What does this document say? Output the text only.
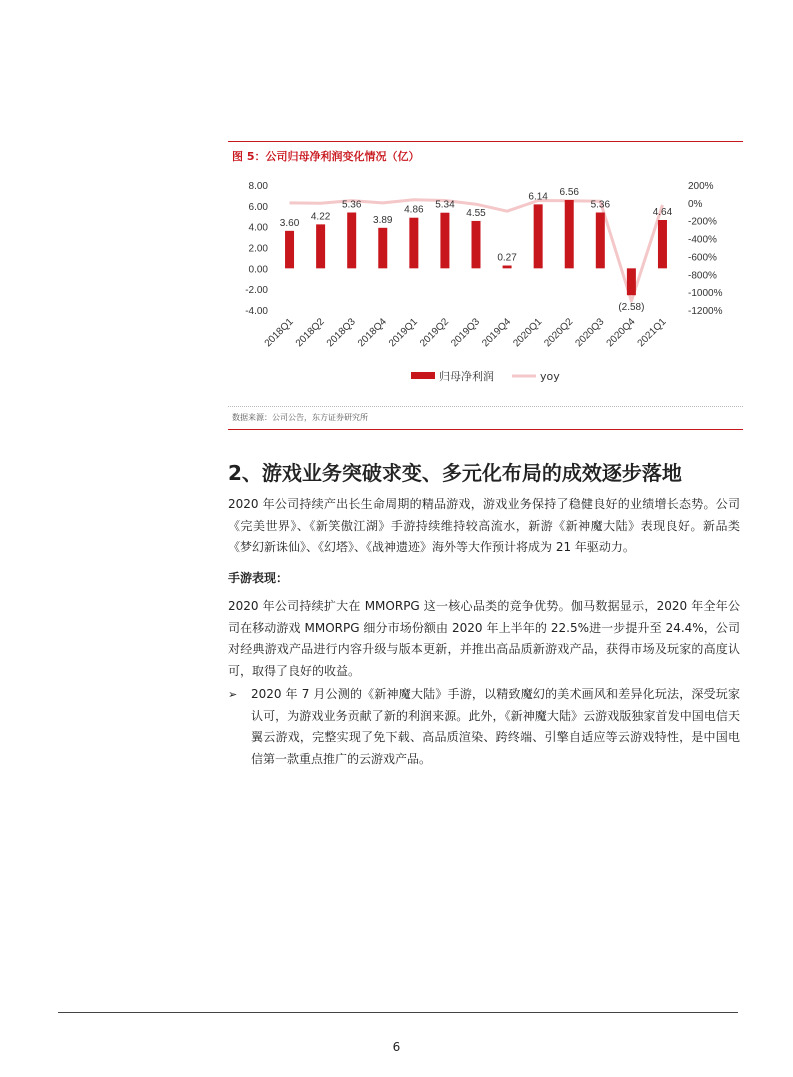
图 5：公司归母净利润变化情况（亿）
-4.00
-2.00
0.00
2.00
4.00
6.00
8.00
-1200%
-1000%
-800%
-600%
-400%
-200%
0%
200%
3.60
4.22
5.36
3.89
4.86 5.34
4.55
0.27
6.14 6.56
5.36
(2.58)
4.64
2018Q1
2018Q2
2018Q3
2018Q4
2019Q1
2019Q2
2019Q3
2019Q4
2020Q1
2020Q2
2020Q3
2020Q4
2021Q1
归母净利润	yoy
数据来源：公司公告，东方证券研究所
2、游戏业务突破求变、多元化布局的成效逐步落地
2020 年公司持续产出长生命周期的精品游戏，游戏业务保持了稳健良好的业绩增长态势。公司《完美世界》、《新笑傲江湖》手游持续维持较高流水，新游《新神魔大陆》表现良好。新品类《梦幻新诛仙》、《幻塔》、《战神遗迹》海外等大作预计将成为 21 年驱动力。
手游表现：
2020 年公司持续扩大在 MMORPG 这一核心品类的竞争优势。伽马数据显示，2020 年全年公司在移动游戏 MMORPG 细分市场份额由 2020 年上半年的 22.5%进一步提升至 24.4%，公司对经典游戏产品进行内容升级与版本更新，并推出高品质新游戏产品，获得市场及玩家的高度认可，取得了良好的收益。
➢ 2020 年 7 月公测的《新神魔大陆》手游，以精致魔幻的美术画风和差异化玩法，深受玩家认可，为游戏业务贡献了新的利润来源。此外，《新神魔大陆》云游戏版独家首发中国电信天翼云游戏，完整实现了免下载、高品质渲染、跨终端、引擎自适应等云游戏特性，是中国电信第一款重点推广的云游戏产品。
6
